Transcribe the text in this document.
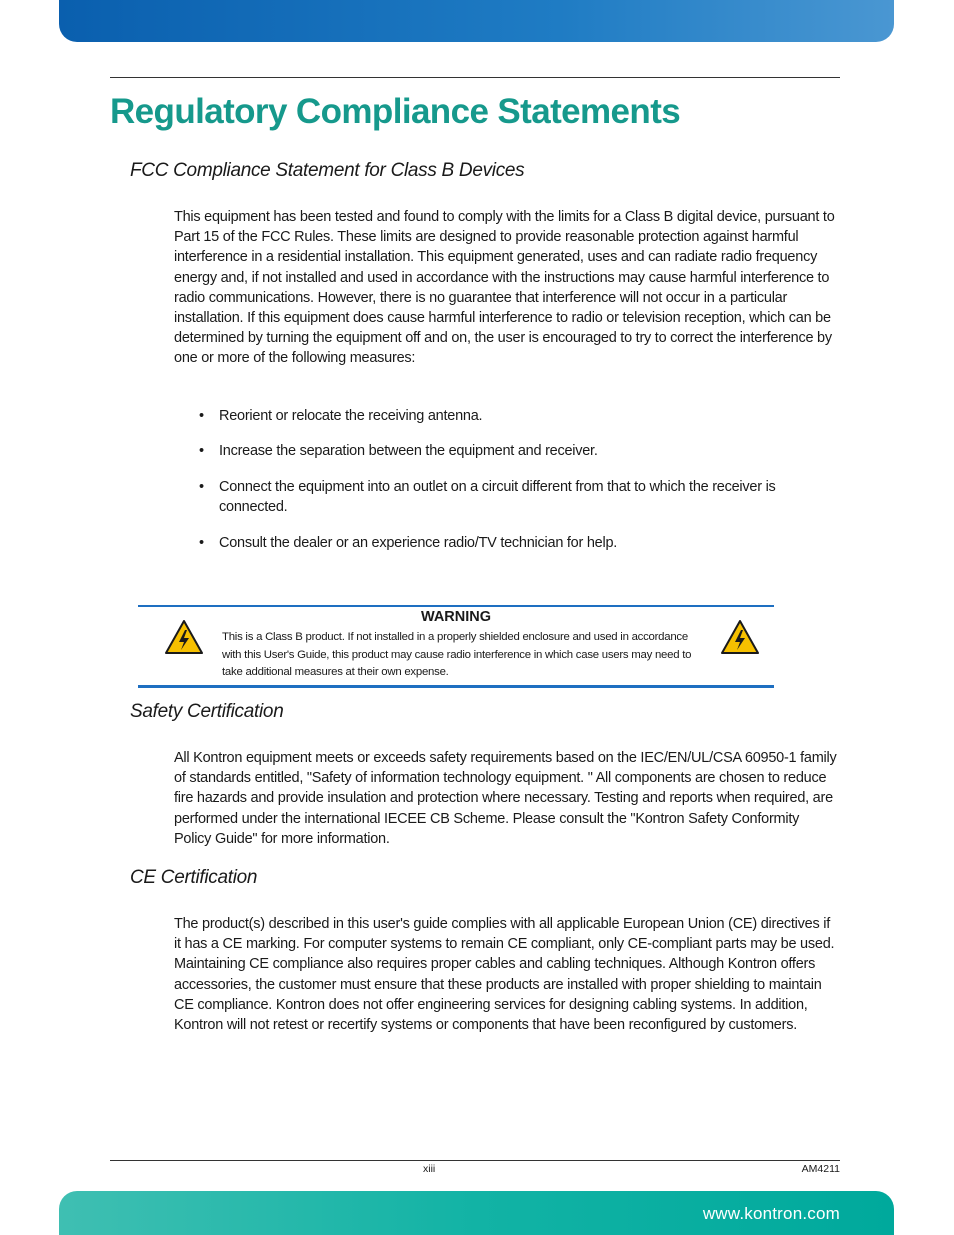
Regulatory Compliance Statements
FCC Compliance Statement for Class B Devices

This equipment has been tested and found to comply with the limits for a Class B digital device, pursuant to Part 15 of the FCC Rules. These limits are designed to provide reasonable protection against harmful interference in a residential installation. This equipment generated, uses and can radiate radio frequency energy and, if not installed and used in accordance with the instructions may cause harmful interference to radio communications. However, there is no guarantee that interference will not occur in a particular installation. If this equipment does cause harmful interference to radio or television reception, which can be determined by turning the equipment off and on, the user is encouraged to try to correct the interference by one or more of the following measures:

• Reorient or relocate the receiving antenna.
• Increase the separation between the equipment and receiver.
• Connect the equipment into an outlet on a circuit different from that to which the receiver is connected.
• Consult the dealer or an experience radio/TV technician for help.
WARNING
This is a Class B product. If not installed in a properly shielded enclosure and used in accordance with this User's Guide, this product may cause radio interference in which case users may need to take additional measures at their own expense.
Safety Certification

All Kontron equipment meets or exceeds safety requirements based on the IEC/EN/UL/CSA 60950-1 family of standards entitled, "Safety of information technology equipment. " All components are chosen to reduce fire hazards and provide insulation and protection where necessary. Testing and reports when required, are performed under the international IECEE CB Scheme. Please consult the "Kontron Safety Conformity Policy Guide" for more information.

CE Certification

The product(s) described in this user's guide complies with all applicable European Union (CE) directives if it has a CE marking. For computer systems to remain CE compliant, only CE-compliant parts may be used. Maintaining CE compliance also requires proper cables and cabling techniques. Although Kontron offers accessories, the customer must ensure that these products are installed with proper shielding to maintain CE compliance. Kontron does not offer engineering services for designing cabling systems. In addition, Kontron will not retest or recertify systems or components that have been reconfigured by customers.

xiii	AM4211
www.kontron.com
